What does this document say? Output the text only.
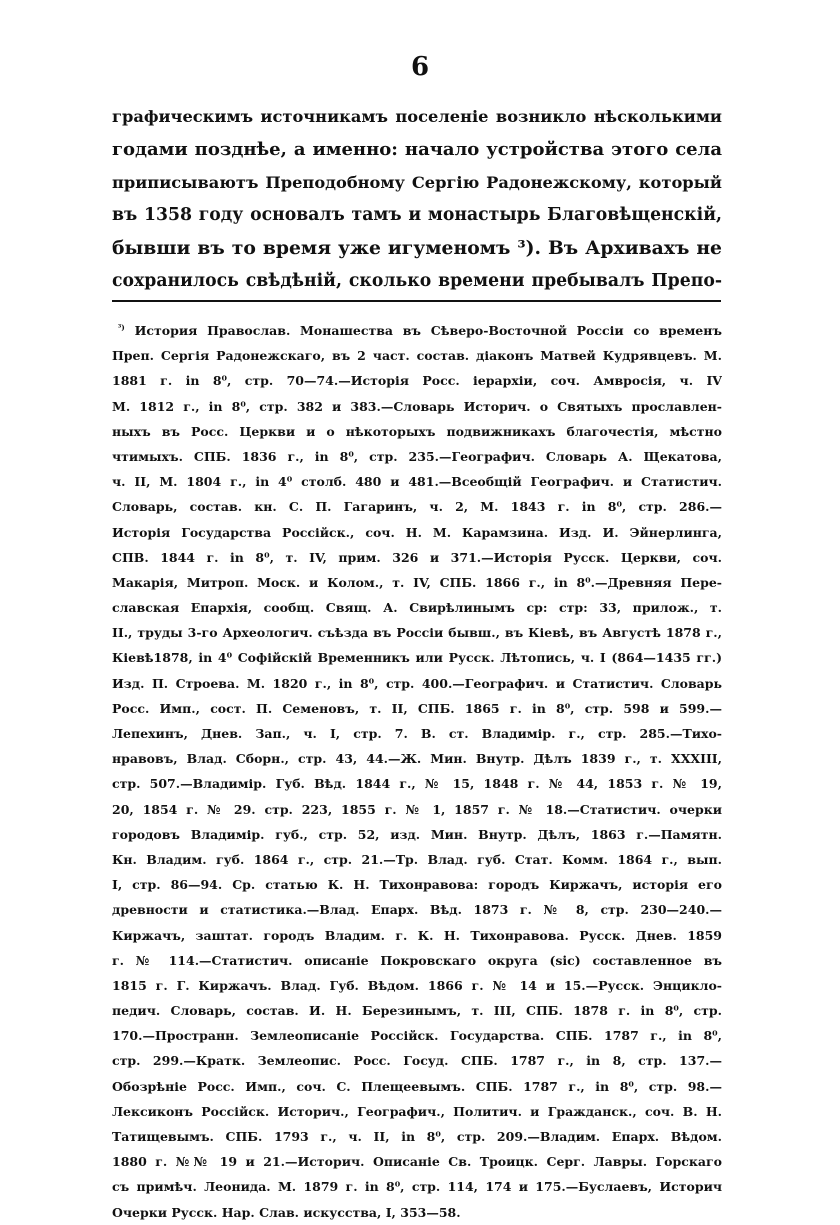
6
графическимъ источникамъ поселеніе возникло нѣсколькими
годами позднѣе, а именно: начало устройства этого села
приписываютъ Преподобному Сергію Радонежскому, который
въ 1358 году основалъ тамъ и монастырь Благовѣщенскій,
бывши въ то время уже игуменомъ ³). Въ Архивахъ не
сохранилось свѣдѣній, сколько времени пребывалъ Препо-
$^{^3)}$ История Православ. Монашества въ Сѣверо-Восточной Россіи со временъ
Преп. Сергія Радонежскаго, въ 2 част. состав. діаконъ Матвей Кудрявцевъ. М.
1881 г. in 8⁰, стр. 70—74.—Исторія Росс. іерархіи, соч. Амвросія, ч. IV
М. 1812 г., in 8⁰, стр. 382 и 383.—Словарь Историч. о Святыхъ прославлен-
ныхъ въ Росс. Церкви и о нѣкоторыхъ подвижникахъ благочестія, мѣстно
чтимыхъ. СПБ. 1836 г., in 8⁰, стр. 235.—Географич. Словарь А. Щекатова,
ч. II, М. 1804 г., in 4⁰ столб. 480 и 481.—Всеобщій Географич. и Статистич.
Словарь, состав. кн. С. П. Гагаринъ, ч. 2, М. 1843 г. in 8⁰, стр. 286.—
Исторія Государства Россійск., соч. Н. М. Карамзина. Изд. И. Эйнерлинга,
СПВ. 1844 г. in 8⁰, т. IV, прим. 326 и 371.—Исторія Русск. Церкви, соч.
Макарія, Митроп. Моск. и Колом., т. IV, СПБ. 1866 г., in 8⁰.—Древняя Пере-
славская Епархія, сообщ. Свящ. А. Свирѣлинымъ ср: стр: 33, прилож., т.
II., труды 3-го Археологич. съѣзда въ Россіи бывш., въ Кіевѣ, въ Августѣ 1878 г.,
Кіевѣ1878, in 4⁰ Софійскій Временникъ или Русск. Лѣтопись, ч. I (864—1435 гг.)
Изд. П. Строева. М. 1820 г., in 8⁰, стр. 400.—Географич. и Статистич. Словарь
Росс. Имп., сост. П. Семеновъ, т. II, СПБ. 1865 г. in 8⁰, стр. 598 и 599.—
Лепехинъ, Днев. Зап., ч. I, стр. 7. В. ст. Владимір. г., стр. 285.—Тихо-
нравовъ, Влад. Сборн., стр. 43, 44.—Ж. Мин. Внутр. Дѣлъ 1839 г., т. XXXIII,
стр. 507.—Владимір. Губ. Вѣд. 1844 г., № 15, 1848 г. № 44, 1853 г. № 19,
20, 1854 г. № 29. стр. 223, 1855 г. № 1, 1857 г. № 18.—Статистич. очерки
городовъ Владимір. губ., стр. 52, изд. Мин. Внутр. Дѣлъ, 1863 г.—Памятн.
Кн. Владим. губ. 1864 г., стр. 21.—Тр. Влад. губ. Стат. Комм. 1864 г., вып.
I, стр. 86—94. Ср. статью К. Н. Тихонравова: городъ Киржачъ, исторія его
древности и статистика.—Влад. Епарх. Вѣд. 1873 г. № 8, стр. 230—240.—
Киржачъ, заштат. городъ Владим. г. К. Н. Тихонравова. Русск. Днев. 1859
г. № 114.—Статистич. описаніе Покровскаго округа (sic) составленное въ
1815 г. Г. Киржачъ. Влад. Губ. Вѣдом. 1866 г. № 14 и 15.—Русск. Энцикло-
педич. Словарь, состав. И. Н. Березинымъ, т. III, СПБ. 1878 г. in 8⁰, стр.
170.—Пространн. Землеописаніе Россійск. Государства. СПБ. 1787 г., in 8⁰,
стр. 299.—Кратк. Землеопис. Росс. Госуд. СПБ. 1787 г., in 8, стр. 137.—
Обозрѣніе Росс. Имп., соч. С. Плещеевымъ. СПБ. 1787 г., in 8⁰, стр. 98.—
Лексиконъ Россійск. Историч., Географич., Политич. и Гражданск., соч. В. Н.
Татищевымъ. СПБ. 1793 г., ч. II, in 8⁰, стр. 209.—Владим. Епарх. Вѣдом.
1880 г. №№ 19 и 21.—Историч. Описаніе Св. Троицк. Серг. Лавры. Горскаго
съ примѣч. Леонида. М. 1879 г. in 8⁰, стр. 114, 174 и 175.—Буслаевъ, Историч
Очерки Русск. Нар. Слав. искусства, I, 353—58.
